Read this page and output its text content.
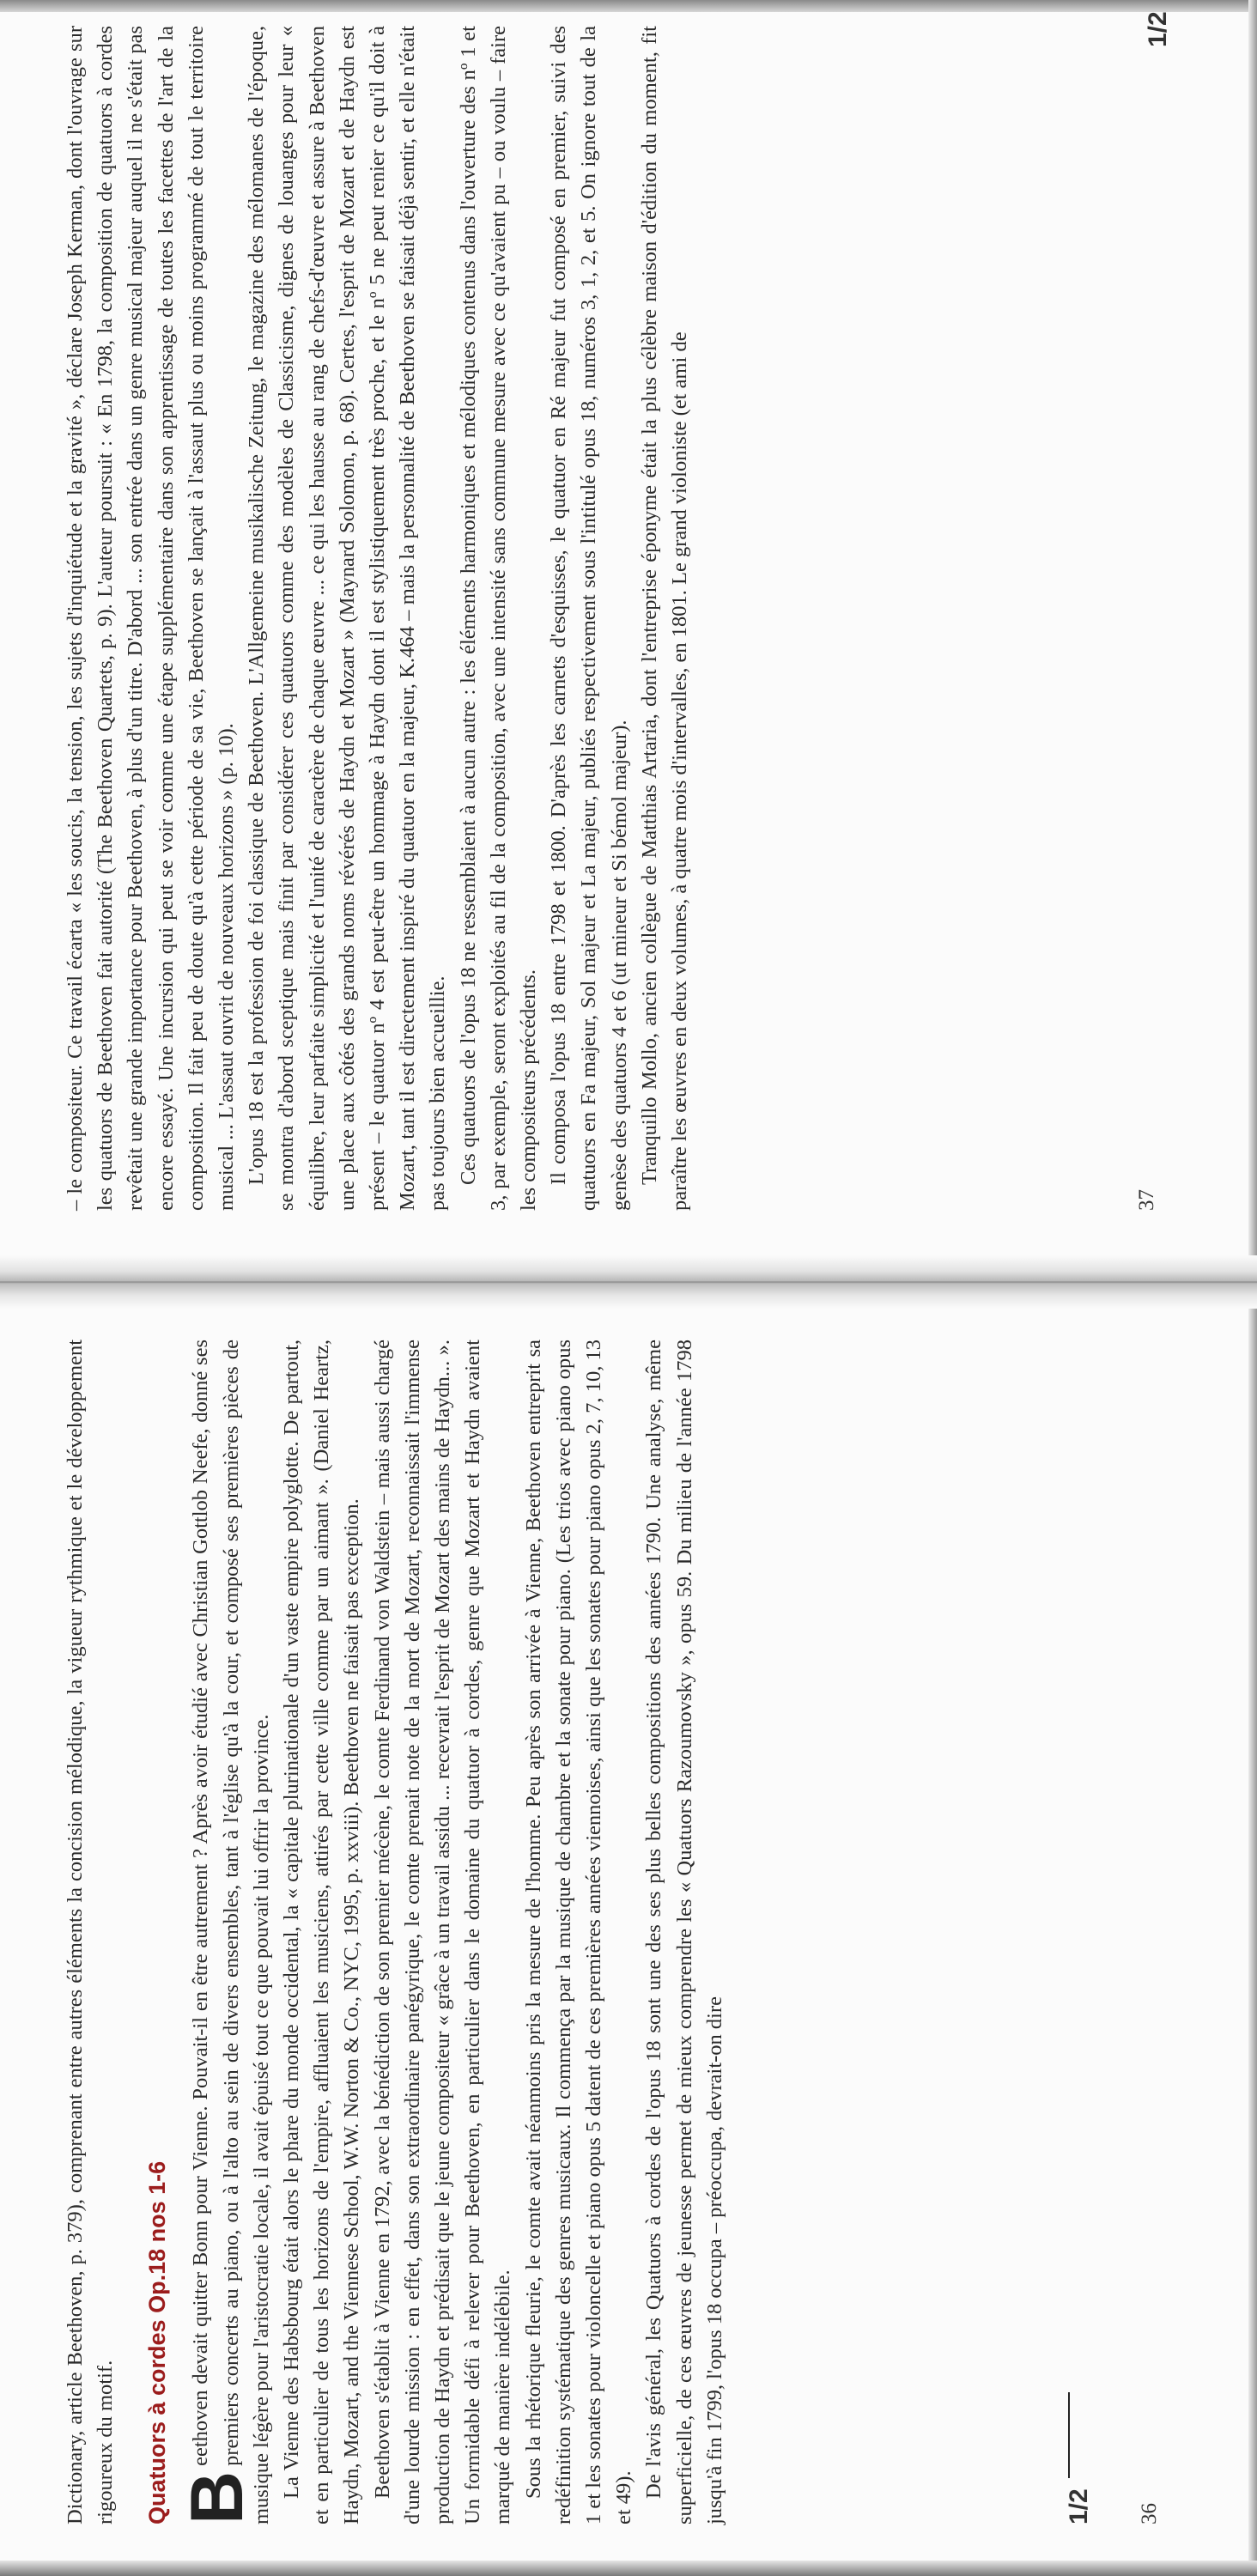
Dictionary, article Beethoven, p. 379), comprenant entre autres éléments la concision mélodique, la vigueur rythmique et le développement rigoureux du motif. Quatuors à cordes Op.18 nos 1-6 B
eethoven devait quitter Bonn pour Vienne. Pouvait-il en être autrement ? Après avoir étudié avec Christian Gottlob Neefe, donné ses premiers concerts au piano, ou à l'alto au sein de divers ensembles, tant à l'église qu'à la cour, et composé ses premières pièces de musique légère pour l'aristocratie locale, il avait épuisé tout ce que pouvait lui offrir la province. La Vienne des Habsbourg était alors le phare du monde occidental, la « capitale plurinationale d'un vaste empire polyglotte. De partout, et en particulier de tous les horizons de l'empire, affluaient les musiciens, attirés par cette ville comme par un aimant ». (Daniel Heartz, Haydn, Mozart, and the Viennese School, W.W. Norton & Co., NYC, 1995, p. xxviii). Beethoven ne faisait pas exception. Beethoven s'établit à Vienne en 1792, avec la bénédiction de son premier mécène, le comte Ferdinand von Waldstein – mais aussi chargé d'une lourde mission : en effet, dans son extraordinaire panégyrique, le comte prenait note de la mort de Mozart, reconnaissait l'immense production de Haydn et prédisait que le jeune compositeur « grâce à un travail assidu ... recevrait l'esprit de Mozart des mains de Haydn... ». Un formidable défi à relever pour Beethoven, en particulier dans le domaine du quatuor à cordes, genre que Mozart et Haydn avaient marqué de manière indélébile. Sous la rhétorique fleurie, le comte avait néanmoins pris la mesure de l'homme. Peu après son arrivée à Vienne, Beethoven entreprit sa redéfinition systématique des genres musicaux. Il commença par la musique de chambre et la sonate pour piano. (Les trios avec piano opus 1 et les sonates pour violoncelle et piano opus 5 datent de ces premières années viennoises, ainsi que les sonates pour piano opus 2, 7, 10, 13 et 49). De l'avis général, les Quatuors à cordes de l'opus 18 sont une des ses plus belles compositions des années 1790. Une analyse, même superficielle, de ces œuvres de jeunesse permet de mieux comprendre les « Quatuors Razoumovsky », opus 59. Du milieu de l'année 1798 jusqu'à fin 1799, l'opus 18 occupa – préoccupa, devrait-on dire	1/2 36

– le compositeur. Ce travail écarta « les soucis, la tension, les sujets d'inquiétude et la gravité », déclare Joseph Kerman, dont l'ouvrage sur les quatuors de Beethoven fait autorité (The Beethoven Quartets, p. 9). L'auteur poursuit : « En 1798, la composition de quatuors à cordes revêtait une grande importance pour Beethoven, à plus d'un titre. D'abord ... son entrée dans un genre musical majeur auquel il ne s'était pas encore essayé. Une incursion qui peut se voir comme une étape supplémentaire dans son apprentissage de toutes les facettes de l'art de la composition. Il fait peu de doute qu'à cette période de sa vie, Beethoven se lançait à l'assaut plus ou moins programmé de tout le territoire musical ... L'assaut ouvrit de nouveaux horizons » (p. 10). L'opus 18 est la profession de foi classique de Beethoven. L'Allgemeine musikalische Zeitung, le magazine des mélomanes de l'époque, se montra d'abord sceptique mais finit par considérer ces quatuors comme des modèles de Classicisme, dignes de louanges pour leur « équilibre, leur parfaite simplicité et l'unité de caractère de chaque œuvre ... ce qui les hausse au rang de chefs-d'œuvre et assure à Beethoven une place aux côtés des grands noms révérés de Haydn et Mozart » (Maynard Solomon, p. 68). Certes, l'esprit de Mozart et de Haydn est présent – le quatuor nº 4 est peut-être un hommage à Haydn dont il est stylistiquement très proche, et le nº 5 ne peut renier ce qu'il doit à Mozart, tant il est directement inspiré du quatuor en la majeur, K.464 – mais la personnalité de Beethoven se faisait déjà sentir, et elle n'était pas toujours bien accueillie. Ces quatuors de l'opus 18 ne ressemblaient à aucun autre : les éléments harmoniques et mélodiques contenus dans l'ouverture des nº 1 et 3, par exemple, seront exploités au fil de la composition, avec une intensité sans commune mesure avec ce qu'avaient pu – ou voulu – faire les compositeurs précédents. Il composa l'opus 18 entre 1798 et 1800. D'après les carnets d'esquisses, le quatuor en Ré majeur fut composé en premier, suivi des quatuors en Fa majeur, Sol majeur et La majeur, publiés respectivement sous l'intitulé opus 18, numéros 3, 1, 2, et 5. On ignore tout de la genèse des quatuors 4 et 6 (ut mineur et Si bémol majeur). Tranquillo Mollo, ancien collègue de Matthias Artaria, dont l'entreprise éponyme était la plus célèbre maison d'édition du moment, fit paraître les œuvres en deux volumes, à quatre mois d'intervalles, en 1801. Le grand violoniste (et ami de	37
1/2
